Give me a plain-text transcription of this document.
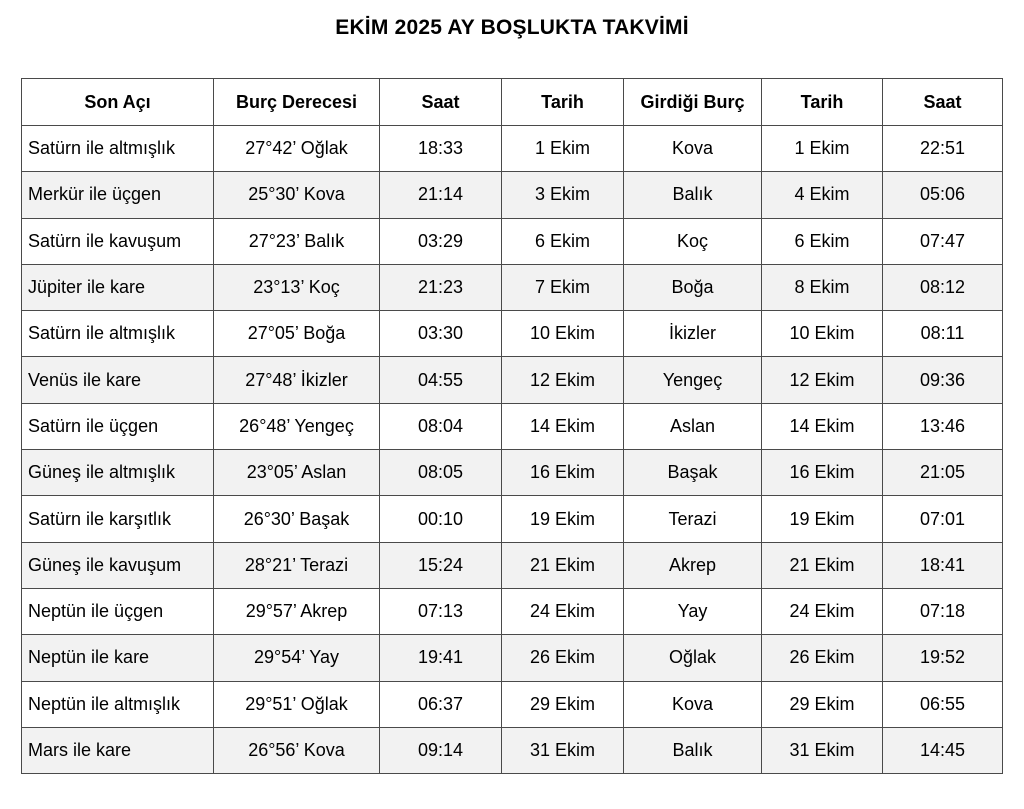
EKİM 2025 AY BOŞLUKTA TAKVİMİ
Son Açı	Burç Derecesi	Saat	Tarih	Girdiği Burç	Tarih	Saat
Satürn ile altmışlık	27°42’ Oğlak	18:33	1 Ekim	Kova	1 Ekim	22:51
Merkür ile üçgen	25°30’ Kova	21:14	3 Ekim	Balık	4 Ekim	05:06
Satürn ile kavuşum	27°23’ Balık	03:29	6 Ekim	Koç	6 Ekim	07:47
Jüpiter ile kare	23°13’ Koç	21:23	7 Ekim	Boğa	8 Ekim	08:12
Satürn ile altmışlık	27°05’ Boğa	03:30	10 Ekim	İkizler	10 Ekim	08:11
Venüs ile kare	27°48’ İkizler	04:55	12 Ekim	Yengeç	12 Ekim	09:36
Satürn ile üçgen	26°48’ Yengeç	08:04	14 Ekim	Aslan	14 Ekim	13:46
Güneş ile altmışlık	23°05’ Aslan	08:05	16 Ekim	Başak	16 Ekim	21:05
Satürn ile karşıtlık	26°30’ Başak	00:10	19 Ekim	Terazi	19 Ekim	07:01
Güneş ile kavuşum	28°21’ Terazi	15:24	21 Ekim	Akrep	21 Ekim	18:41
Neptün ile üçgen	29°57’ Akrep	07:13	24 Ekim	Yay	24 Ekim	07:18
Neptün ile kare	29°54’ Yay	19:41	26 Ekim	Oğlak	26 Ekim	19:52
Neptün ile altmışlık	29°51’ Oğlak	06:37	29 Ekim	Kova	29 Ekim	06:55
Mars ile kare	26°56’ Kova	09:14	31 Ekim	Balık	31 Ekim	14:45
